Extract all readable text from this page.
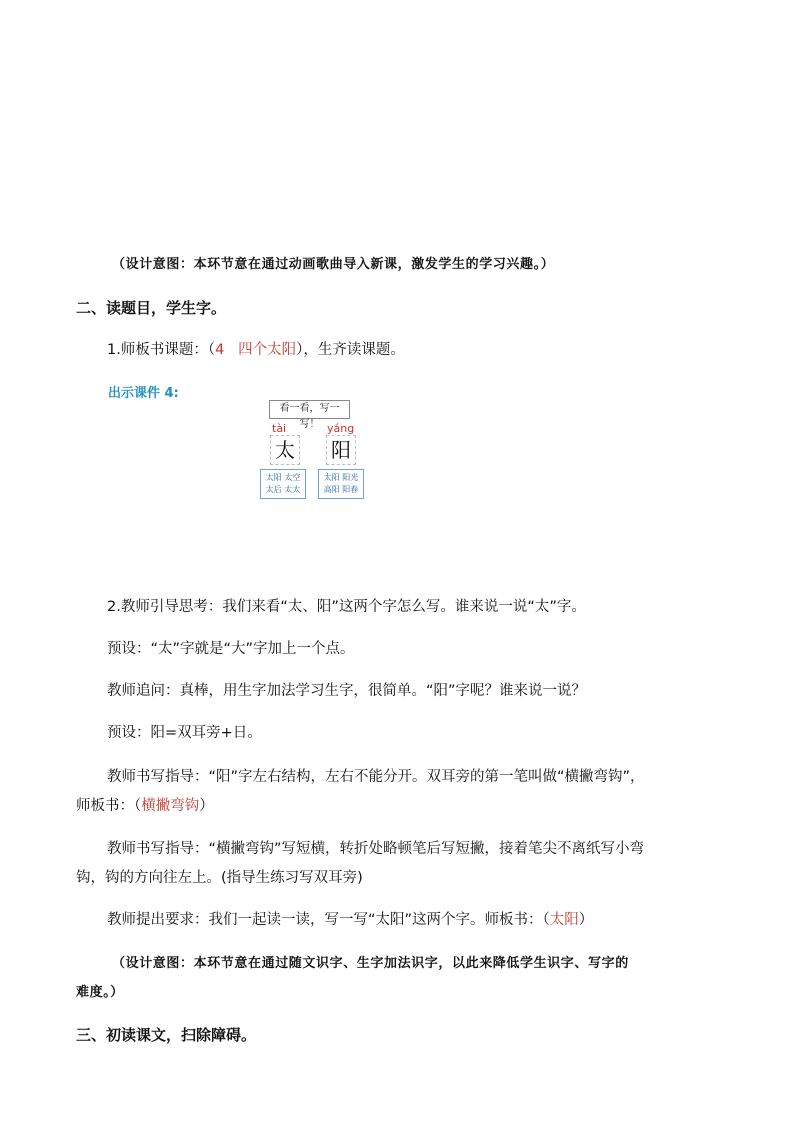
（设计意图：本环节意在通过动画歌曲导入新课，激发学生的学习兴趣。）
二、读题目，学生字。
1.师板书课题：（4   四个太阳），生齐读课题。
出示课件 4:
看一看，写一写！
tài	yáng
太 阳
太阳 太空
太后 太太
太阳 阳光
高阳 阳春
2.教师引导思考：我们来看“太、阳”这两个字怎么写。谁来说一说“太”字。
预设：“太”字就是“大”字加上一个点。
教师追问：真棒，用生字加法学习生字，很简单。“阳”字呢？谁来说一说？
预设：阳=双耳旁+日。
教师书写指导：“阳”字左右结构，左右不能分开。双耳旁的第一笔叫做“横撇弯钩”，
师板书：（横撇弯钩）
教师书写指导：“横撇弯钩”写短横，转折处略顿笔后写短撇，接着笔尖不离纸写小弯
钩，钩的方向往左上。(指导生练习写双耳旁)
教师提出要求：我们一起读一读，写一写“太阳”这两个字。师板书：（太阳）
（设计意图：本环节意在通过随文识字、生字加法识字，以此来降低学生识字、写字的
难度。）
三、初读课文，扫除障碍。
